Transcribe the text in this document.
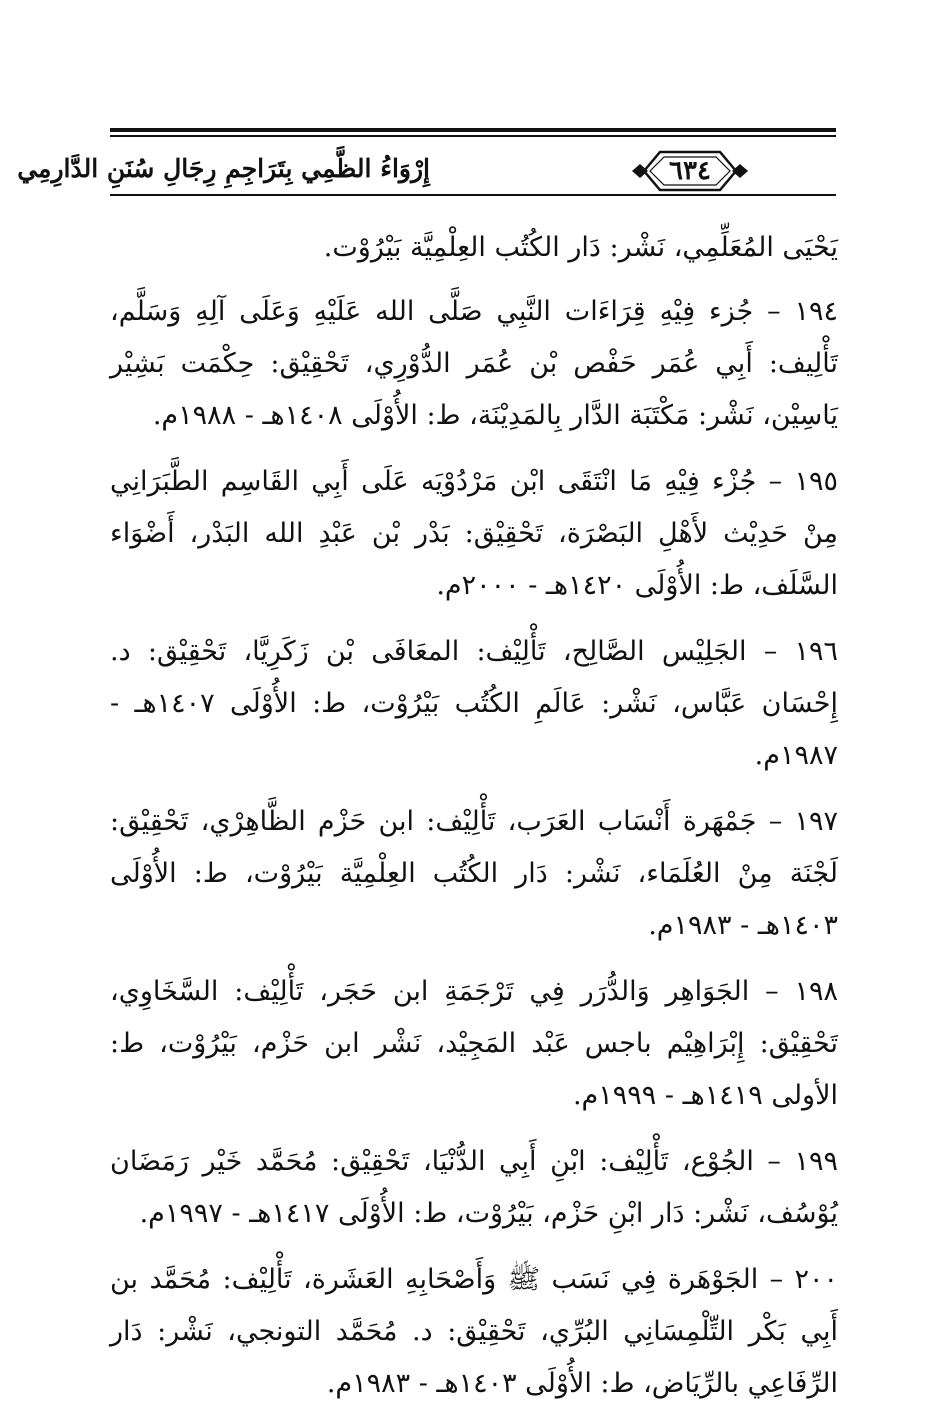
إِرْوَاءُ الظَّمِي بِتَرَاجِمِ رِجَالِ سُنَنِ الدَّارِمِي	٦٣٤

يَحْيَى المُعَلِّمِي، نَشْر: دَار الكُتُب العِلْمِيَّة بَيْرُوْت.

١٩٤ – جُزء فِيْهِ قِرَاءَات النَّبِي صَلَّى الله عَلَيْهِ وَعَلَى آلِهِ وَسَلَّم، تَأْلِيف: أَبِي عُمَر حَفْص بْن عُمَر الدُّوْرِي، تَحْقِيْق: حِكْمَت بَشِيْر يَاسِيْن، نَشْر: مَكْتَبَة الدَّار بِالمَدِيْنَة، ط: الأُوْلَى ١٤٠٨هـ - ١٩٨٨م.

١٩٥ – جُزْء فِيْهِ مَا انْتَقَى ابْن مَرْدُوْيَه عَلَى أَبِي القَاسِم الطَّبَرَانِي مِنْ حَدِيْث لأَهْلِ البَصْرَة، تَحْقِيْق: بَدْر بْن عَبْدِ الله البَدْر، أَضْوَاء السَّلَف، ط: الأُوْلَى ١٤٢٠هـ - ٢٠٠٠م.

١٩٦ – الجَلِيْس الصَّالِح، تَأْلِيْف: المعَافَى بْن زَكَرِيَّا، تَحْقِيْق: د. إِحْسَان عَبَّاس، نَشْر: عَالَمِ الكُتُب بَيْرُوْت، ط: الأُوْلَى ١٤٠٧هـ - ١٩٨٧م.

١٩٧ – جَمْهَرة أَنْسَاب العَرَب، تَأْلِيْف: ابن حَزْم الظَّاهِرْي، تَحْقِيْق: لَجْنَة مِنْ العُلَمَاء، نَشْر: دَار الكُتُب العِلْمِيَّة بَيْرُوْت، ط: الأُوْلَى ١٤٠٣هـ - ١٩٨٣م.

١٩٨ – الجَوَاهِر وَالدُّرَر فِي تَرْجَمَةِ ابن حَجَر، تَأْلِيْف: السَّخَاوِي، تَحْقِيْق: إِبْرَاهِيْم باجس عَبْد المَجِيْد، نَشْر ابن حَزْم، بَيْرُوْت، ط: الأولى ١٤١٩هـ - ١٩٩٩م.

١٩٩ – الجُوْع، تَأْلِيْف: ابْنِ أَبِي الدُّنْيَا، تَحْقِيْق: مُحَمَّد خَيْر رَمَضَان يُوْسُف، نَشْر: دَار ابْنِ حَزْم، بَيْرُوْت، ط: الأُوْلَى ١٤١٧هـ - ١٩٩٧م.

٢٠٠ – الجَوْهَرة فِي نَسَب ﷺ وَأَصْحَابِهِ العَشَرة، تَأْلِيْف: مُحَمَّد بن أَبِي بَكْر التِّلْمِسَانِي البُرِّي، تَحْقِيْق: د. مُحَمَّد التونجي، نَشْر: دَار الرِّفَاعِي بالرِّيَاض، ط: الأُوْلَى ١٤٠٣هـ - ١٩٨٣م.
